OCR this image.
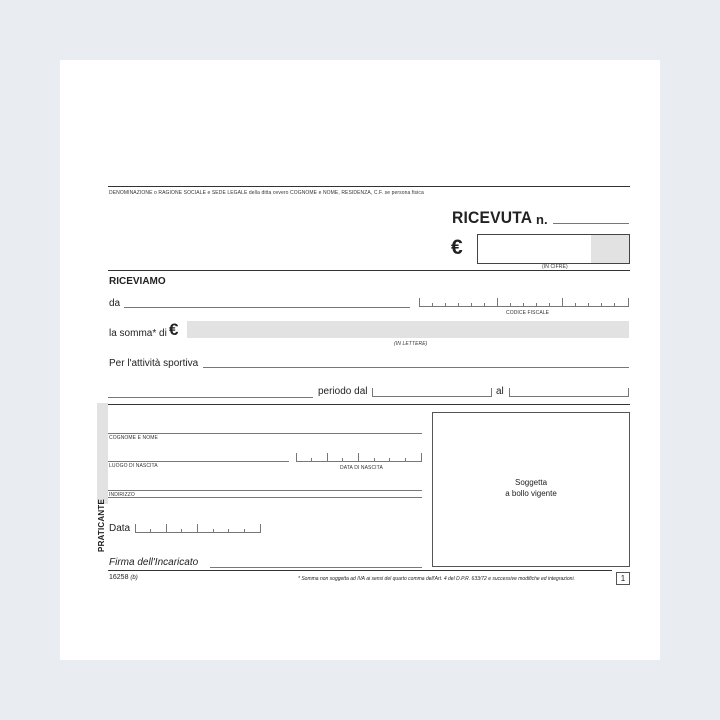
DENOMINAZIONE o RAGIONE SOCIALE e SEDE LEGALE della ditta ovvero COGNOME e NOME, RESIDENZA, C.F. se persona fisica
RICEVUTA n.
€
(IN CIFRE)
RICEVIAMO
da
CODICE FISCALE
la somma* di €
(IN LETTERE)
Per l'attività sportiva
periodo dal	al
PRATICANTE
COGNOME E NOME
LUOGO DI NASCITA	DATA DI NASCITA
INDIRIZZO
Soggetta
a bollo vigente
Data
Firma dell'Incaricato
16258 (b)	* Somma non soggetta ad IVA ai sensi del quarto comma dell'Art. 4 del D.P.R. 633/72 e successive modifiche ed integrazioni.	1
